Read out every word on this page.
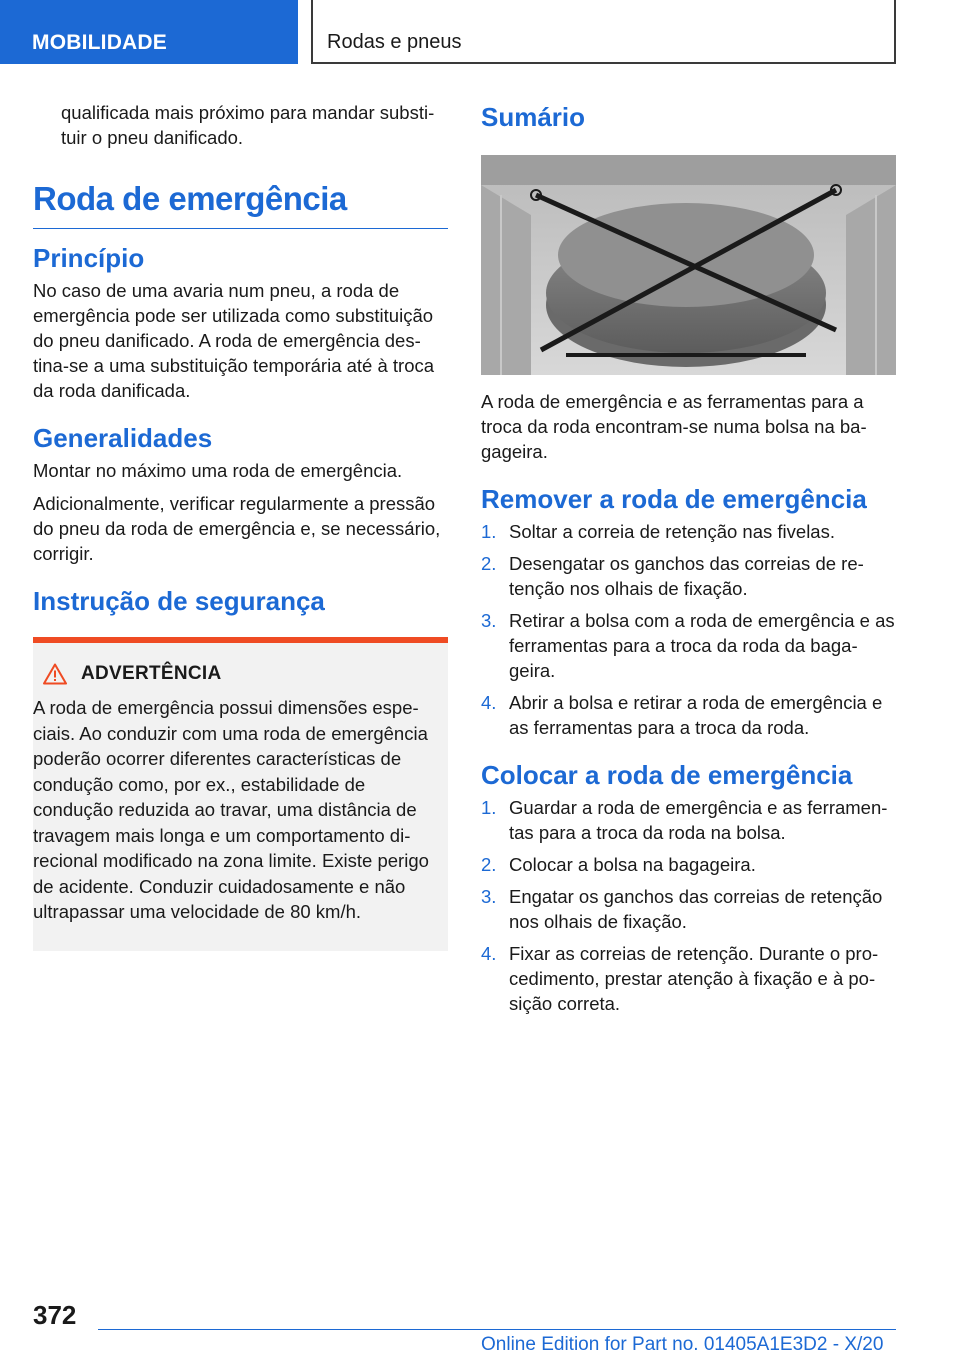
MOBILIDADE	Rodas e pneus

qualificada mais próximo para mandar substituir o pneu danificado.

Roda de emergência
Princípio

No caso de uma avaria num pneu, a roda de emergência pode ser utilizada como substituição do pneu danificado. A roda de emergência destina-se a uma substituição temporária até à troca da roda danificada.

Generalidades

Montar no máximo uma roda de emergência.

Adicionalmente, verificar regularmente a pressão do pneu da roda de emergência e, se necessário, corrigir.

Instrução de segurança
ADVERTÊNCIA

A roda de emergência possui dimensões especiais. Ao conduzir com uma roda de emergência poderão ocorrer diferentes características de condução como, por ex., estabilidade de condução reduzida ao travar, uma distância de travagem mais longa e um comportamento direcional modificado na zona limite. Existe perigo de acidente. Conduzir cuidadosamente e não ultrapassar uma velocidade de 80 km/h.

Sumário

A roda de emergência e as ferramentas para a troca da roda encontram-se numa bolsa na bagageira.

Remover a roda de emergência
1. Soltar a correia de retenção nas fivelas.
2. Desengatar os ganchos das correias de retenção nos olhais de fixação.
3. Retirar a bolsa com a roda de emergência e as ferramentas para a troca da roda da bagageira.
4. Abrir a bolsa e retirar a roda de emergência e as ferramentas para a troca da roda.
Colocar a roda de emergência
1. Guardar a roda de emergência e as ferramentas para a troca da roda na bolsa.
2. Colocar a bolsa na bagageira.
3. Engatar os ganchos das correias de retenção nos olhais de fixação.
4. Fixar as correias de retenção. Durante o procedimento, prestar atenção à fixação e à posição correta.
372
Online Edition for Part no. 01405A1E3D2 - X/20
